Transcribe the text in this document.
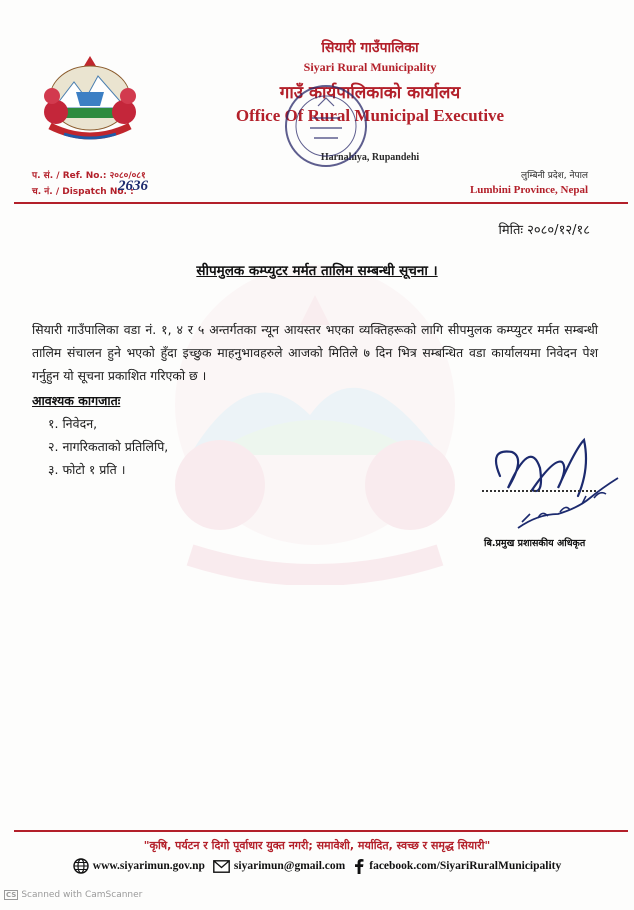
सियारी गाउँपालिका
Siyari Rural Municipality
गाउँ कार्यपालिकाको कार्यालय
Office Of Rural Municipal Executive
Harnahiya, Rupandehi
प. सं. / Ref. No.: २०८०/०८१
च. नं. / Dispatch No. :
2636
लुम्बिनी प्रदेश, नेपाल
Lumbini Province, Nepal
मितिः २०८०/१२/१८
सीपमुलक कम्प्युटर मर्मत तालिम सम्बन्धी सूचना ।
सियारी गाउँपालिका वडा नं. १, ४ र ५ अन्तर्गतका न्यून आयस्तर भएका व्यक्तिहरूको लागि सीपमुलक कम्प्युटर मर्मत सम्बन्धी तालिम संचालन हुने भएको हुँदा इच्छुक माहनुभावहरुले आजको मितिले ७ दिन भित्र सम्बन्धित वडा कार्यालयमा निवेदन पेश गर्नुहुन यो सूचना प्रकाशित गरिएको छ ।
आवश्यक कागजातः
१. निवेदन,
२. नागरिकताको प्रतिलिपि,
३. फोटो १ प्रति ।
बि.प्रमुख प्रशासकीय अधिकृत
"कृषि, पर्यटन र दिगो पूर्वाधार युक्त नगरी; समावेशी, मर्यादित, स्वच्छ र समृद्ध सियारी"
www.siyarimun.gov.np	siyarimun@gmail.com facebook.com/SiyariRuralMunicipality
CS Scanned with CamScanner
